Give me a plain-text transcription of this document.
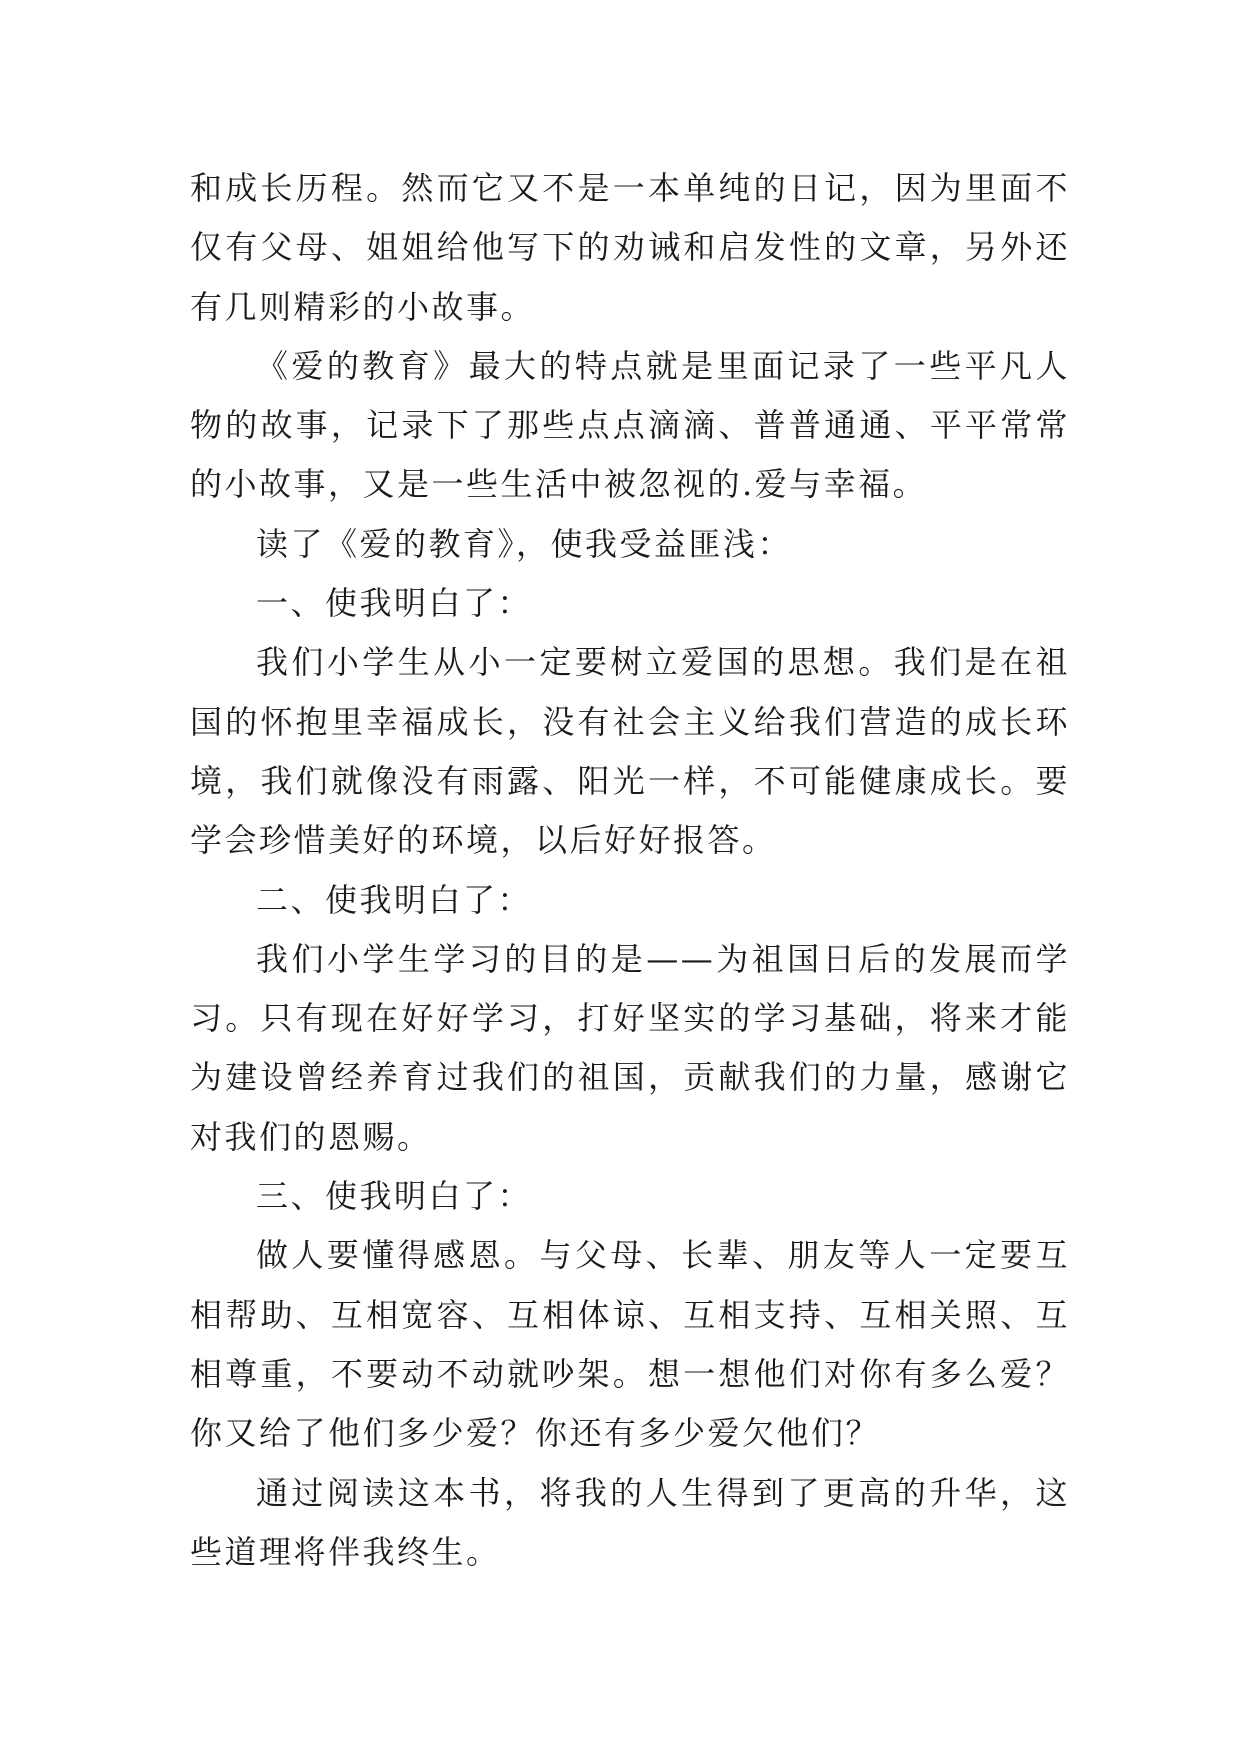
和成长历程。然而它又不是一本单纯的日记，因为里面不仅有父母、姐姐给他写下的劝诫和启发性的文章，另外还有几则精彩的小故事。

《爱的教育》最大的特点就是里面记录了一些平凡人物的故事，记录下了那些点点滴滴、普普通通、平平常常的小故事，又是一些生活中被忽视的.爱与幸福。

读了《爱的教育》，使我受益匪浅：

一、使我明白了：

我们小学生从小一定要树立爱国的思想。我们是在祖国的怀抱里幸福成长，没有社会主义给我们营造的成长环境，我们就像没有雨露、阳光一样，不可能健康成长。要学会珍惜美好的环境，以后好好报答。

二、使我明白了：

我们小学生学习的目的是——为祖国日后的发展而学习。只有现在好好学习，打好坚实的学习基础，将来才能为建设曾经养育过我们的祖国，贡献我们的力量，感谢它对我们的恩赐。

三、使我明白了：

做人要懂得感恩。与父母、长辈、朋友等人一定要互相帮助、互相宽容、互相体谅、互相支持、互相关照、互相尊重，不要动不动就吵架。想一想他们对你有多么爱？你又给了他们多少爱？你还有多少爱欠他们？

通过阅读这本书，将我的人生得到了更高的升华，这些道理将伴我终生。
